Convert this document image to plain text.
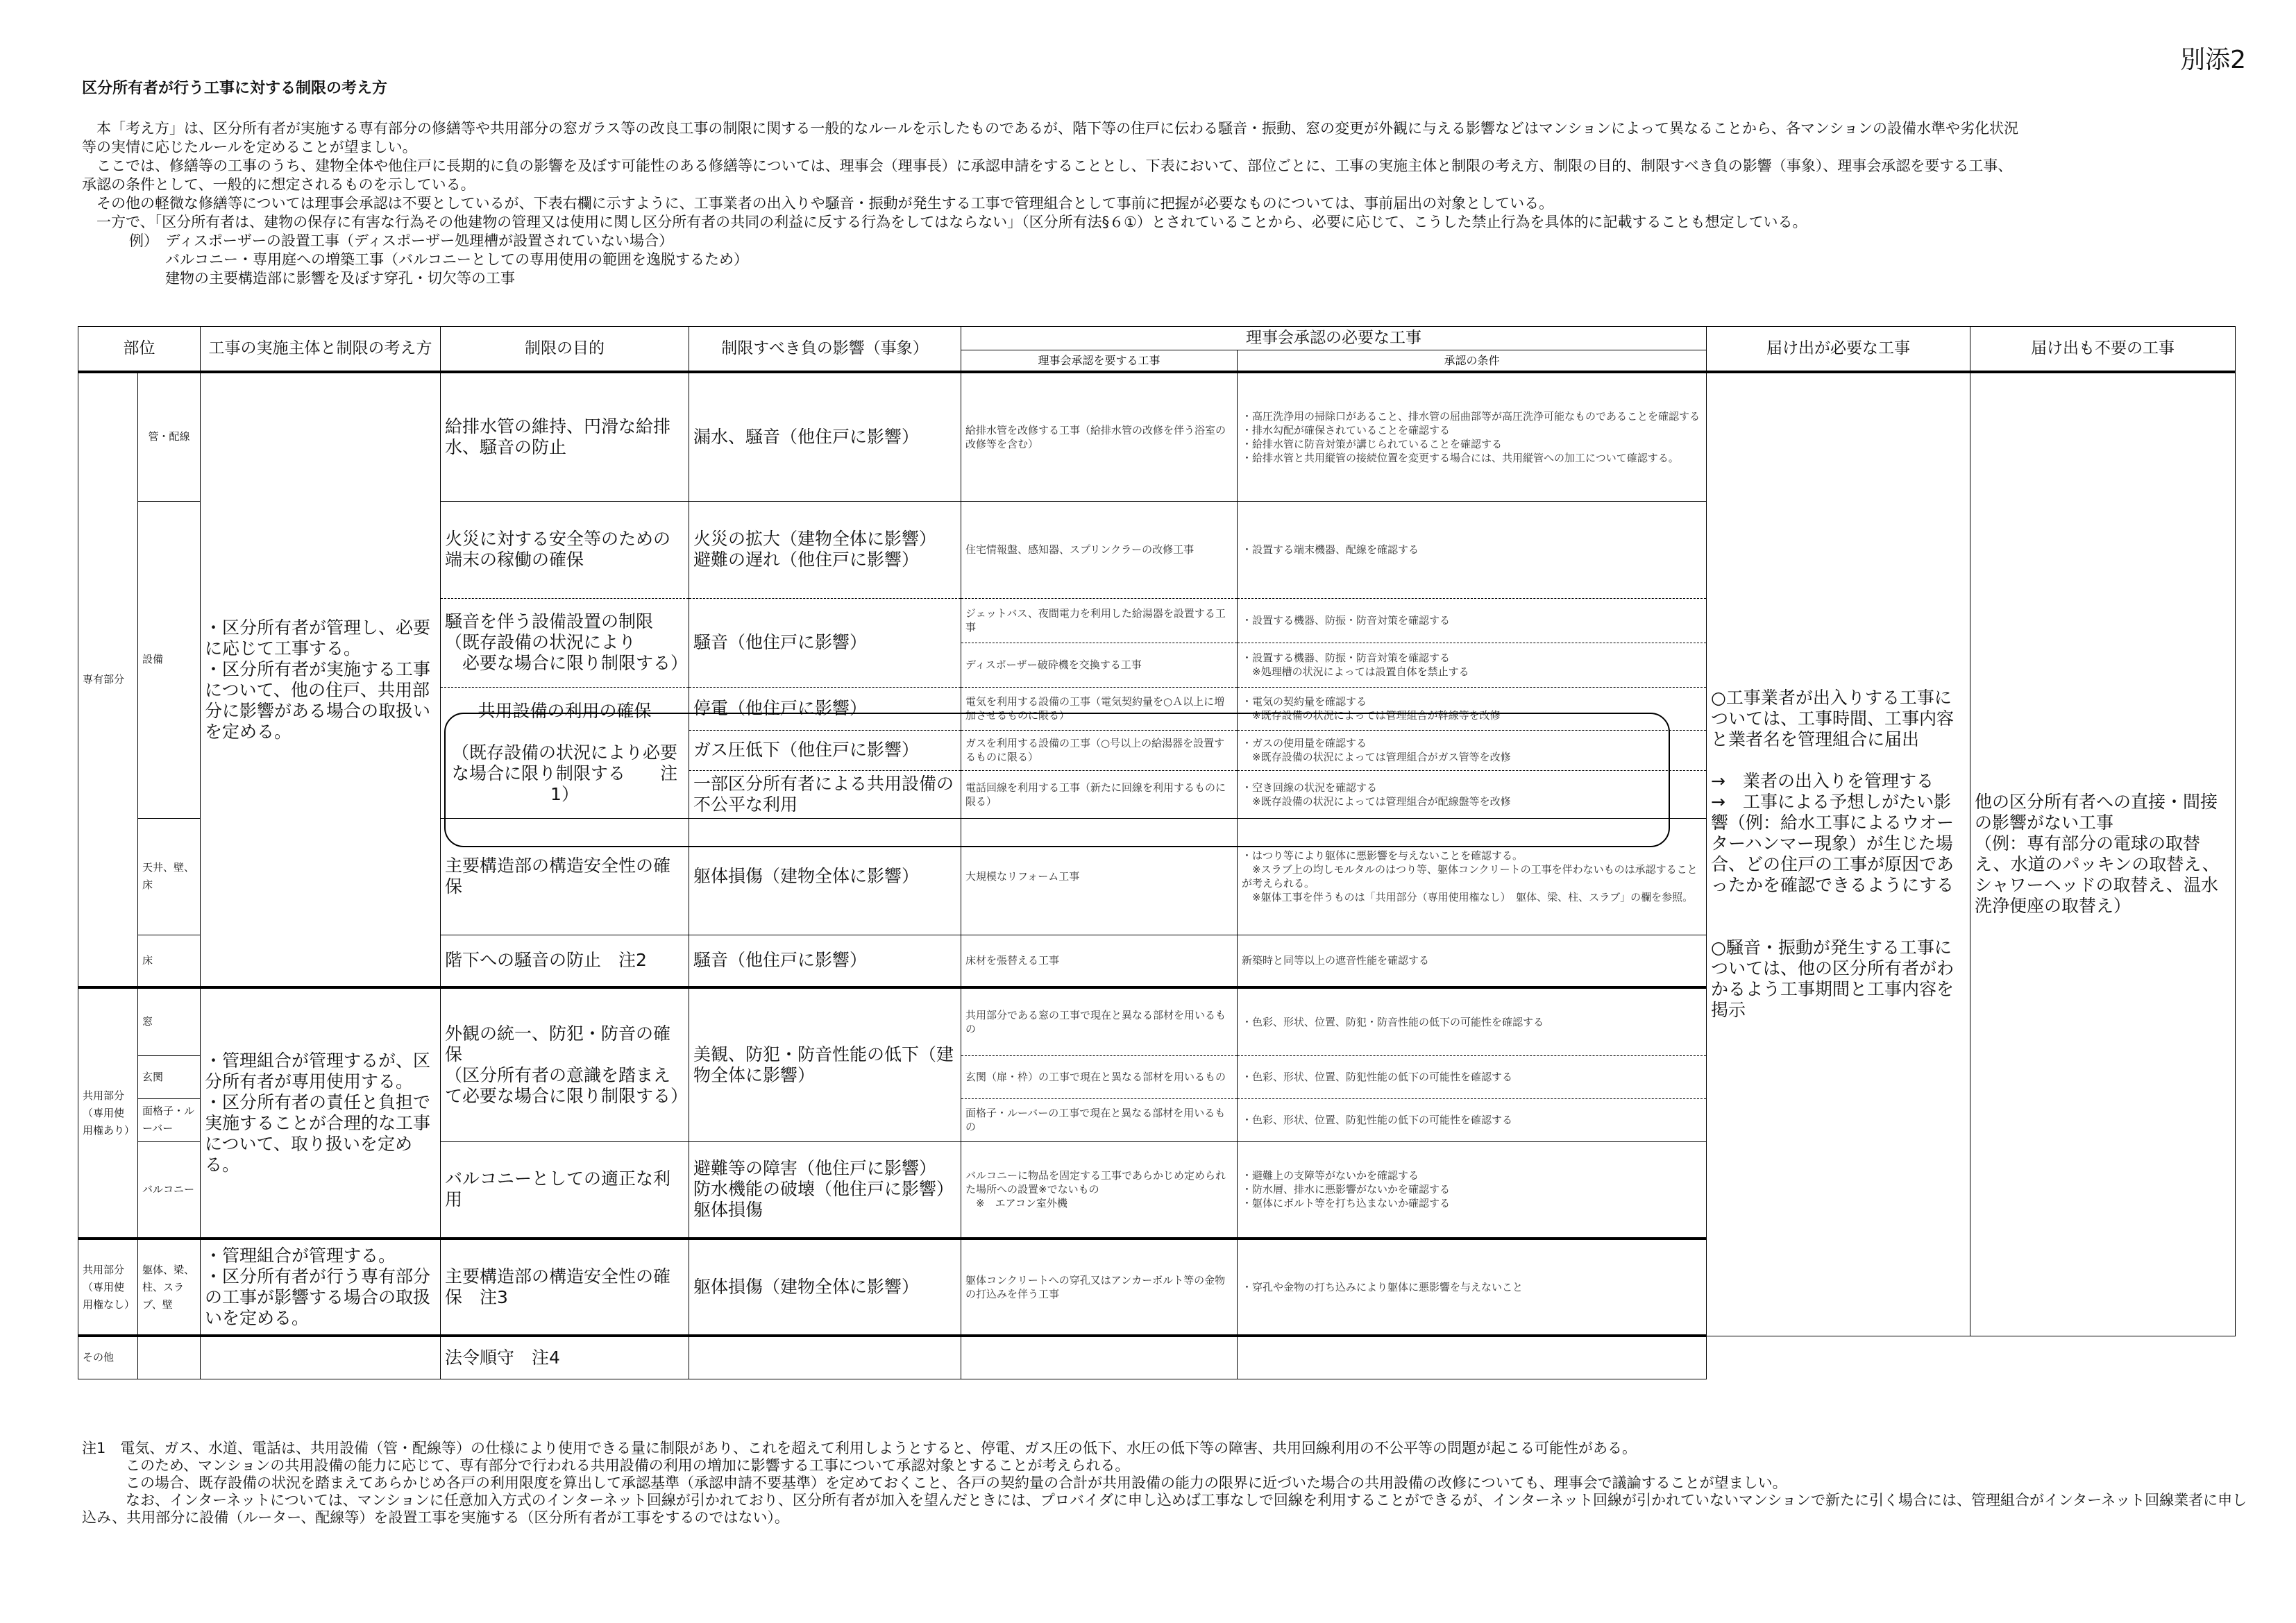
別添2
区分所有者が行う工事に対する制限の考え方

　本「考え方」は、区分所有者が実施する専有部分の修繕等や共用部分の窓ガラス等の改良工事の制限に関する一般的なルールを示したものであるが、階下等の住戸に伝わる騒音・振動、窓の変更が外観に与える影響などはマンションによって異なることから、各マンションの設備水準や劣化状況

等の実情に応じたルールを定めることが望ましい。

　ここでは、修繕等の工事のうち、建物全体や他住戸に長期的に負の影響を及ぼす可能性のある修繕等については、理事会（理事長）に承認申請をすることとし、下表において、部位ごとに、工事の実施主体と制限の考え方、制限の目的、制限すべき負の影響（事象）、理事会承認を要する工事、

承認の条件として、一般的に想定されるものを示している。

　その他の軽微な修繕等については理事会承認は不要としているが、下表右欄に示すように、工事業者の出入りや騒音・振動が発生する工事で管理組合として事前に把握が必要なものについては、事前届出の対象としている。

　一方で、「区分所有者は、建物の保存に有害な行為その他建物の管理又は使用に関し区分所有者の共同の利益に反する行為をしてはならない」（区分所有法§６①）とされていることから、必要に応じて、こうした禁止行為を具体的に記載することも想定している。

例）　ディスポーザーの設置工事（ディスポーザー処理槽が設置されていない場合）

バルコニー・専用庭への増築工事（バルコニーとしての専用使用の範囲を逸脱するため）

建物の主要構造部に影響を及ぼす穿孔・切欠等の工事

部位		工事の実施主体と制限の考え方	制限の目的	制限すべき負の影響（事象）	理事会承認の必要な工事		届け出が必要な工事	届け出も不要の工事
					理事会承認を要する工事	承認の条件		
専有部分	管・配線	・区分所有者が管理し、必要に応じて工事する。
・区分所有者が実施する工事について、他の住戸、共用部分に影響がある場合の取扱いを定める。	給排水管の維持、円滑な給排水、騒音の防止	漏水、騒音（他住戸に影響）	給排水管を改修する工事（給排水管の改修を伴う浴室の改修等を含む）	・高圧洗浄用の掃除口があること、排水管の屈曲部等が高圧洗浄可能なものであることを確認する
・排水勾配が確保されていることを確認する
・給排水管に防音対策が講じられていることを確認する
・給排水管と共用縦管の接続位置を変更する場合には、共用縦管への加工について確認する。	○工事業者が出入りする工事については、工事時間、工事内容と業者名を管理組合に届出

→　業者の出入りを管理する
→　工事による予想しがたい影響（例：給水工事によるウオーターハンマー現象）が生じた場合、どの住戸の工事が原因であったかを確認できるようにする

○騒音・振動が発生する工事については、他の区分所有者がわかるよう工事期間と工事内容を掲示	他の区分所有者への直接・間接の影響がない工事
（例：専有部分の電球の取替え、水道のパッキンの取替え、シャワーヘッドの取替え、温水洗浄便座の取替え）
	設備		火災に対する安全等のための端末の稼働の確保	火災の拡大（建物全体に影響）
避難の遅れ（他住戸に影響）	住宅情報盤、感知器、スプリンクラーの改修工事	・設置する端末機器、配線を確認する		
			騒音を伴う設備設置の制限
（既存設備の状況により
　必要な場合に限り制限する）	騒音（他住戸に影響）	ジェットバス、夜間電力を利用した給湯器を設置する工事	・設置する機器、防振・防音対策を確認する		
					ディスポーザー破砕機を交換する工事	・設置する機器、防振・防音対策を確認する
　※処理槽の状況によっては設置自体を禁止する		
			共用設備の利用の確保

（既存設備の状況により必要な場合に限り制限する　　注1）	停電（他住戸に影響）	電気を利用する設備の工事（電気契約量を○Ａ以上に増加させるものに限る）	・電気の契約量を確認する
　※既存設備の状況によっては管理組合が幹線等を改修		
				ガス圧低下（他住戸に影響）	ガスを利用する設備の工事（○号以上の給湯器を設置するものに限る）	・ガスの使用量を確認する
　※既存設備の状況によっては管理組合がガス管等を改修		
				一部区分所有者による共用設備の不公平な利用	電話回線を利用する工事（新たに回線を利用するものに限る）	・空き回線の状況を確認する
　※既存設備の状況によっては管理組合が配線盤等を改修		
	天井、壁、床		主要構造部の構造安全性の確保	躯体損傷（建物全体に影響）	大規模なリフォーム工事	・はつり等により躯体に悪影響を与えないことを確認する。
　※スラブ上の均しモルタルのはつり等、躯体コンクリートの工事を伴わないものは承認することが考えられる。
　※躯体工事を伴うものは「共用部分（専用使用権なし）　躯体、梁、柱、スラブ」の欄を参照。		
	床		階下への騒音の防止　注2	騒音（他住戸に影響）	床材を張替える工事	新築時と同等以上の遮音性能を確認する		
共用部分（専用使用権あり）	窓	・管理組合が管理するが、区分所有者が専用使用する。
・区分所有者の責任と負担で実施することが合理的な工事について、取り扱いを定める。	外観の統一、防犯・防音の確保
（区分所有者の意識を踏まえて必要な場合に限り制限する）	美観、防犯・防音性能の低下（建物全体に影響）	共用部分である窓の工事で現在と異なる部材を用いるもの	・色彩、形状、位置、防犯・防音性能の低下の可能性を確認する		
	玄関				玄関（扉・枠）の工事で現在と異なる部材を用いるもの	・色彩、形状、位置、防犯性能の低下の可能性を確認する		
	面格子・ルーバー				面格子・ルーバーの工事で現在と異なる部材を用いるもの	・色彩、形状、位置、防犯性能の低下の可能性を確認する		
	バルコニー		バルコニーとしての適正な利用	避難等の障害（他住戸に影響）
防水機能の破壊（他住戸に影響）
躯体損傷	バルコニーに物品を固定する工事であらかじめ定められた場所への設置※でないもの
　※　エアコン室外機	・避難上の支障等がないかを確認する
・防水層、排水に悪影響がないかを確認する
・躯体にボルト等を打ち込まないか確認する		
共用部分（専用使用権なし）	躯体、梁、柱、スラブ、壁	・管理組合が管理する。
・区分所有者が行う専有部分の工事が影響する場合の取扱いを定める。	主要構造部の構造安全性の確保　注3	躯体損傷（建物全体に影響）	躯体コンクリートへの穿孔又はアンカーボルト等の金物の打込みを伴う工事	・穿孔や金物の打ち込みにより躯体に悪影響を与えないこと		
その他			法令順守　注4					

注1　電気、ガス、水道、電話は、共用設備（管・配線等）の仕様により使用できる量に制限があり、これを超えて利用しようとすると、停電、ガス圧の低下、水圧の低下等の障害、共用回線利用の不公平等の問題が起こる可能性がある。

　　　このため、マンションの共用設備の能力に応じて、専有部分で行われる共用設備の利用の増加に影響する工事について承認対象とすることが考えられる。

　　　この場合、既存設備の状況を踏まえてあらかじめ各戸の利用限度を算出して承認基準（承認申請不要基準）を定めておくこと、各戸の契約量の合計が共用設備の能力の限界に近づいた場合の共用設備の改修についても、理事会で議論することが望ましい。

　　　なお、インターネットについては、マンションに任意加入方式のインターネット回線が引かれており、区分所有者が加入を望んだときには、プロバイダに申し込めば工事なしで回線を利用することができるが、インターネット回線が引かれていないマンションで新たに引く場合には、管理組合がインターネット回線業者に申し込み、共用部分に設備（ルーター、配線等）を設置工事を実施する（区分所有者が工事をするのではない）。
